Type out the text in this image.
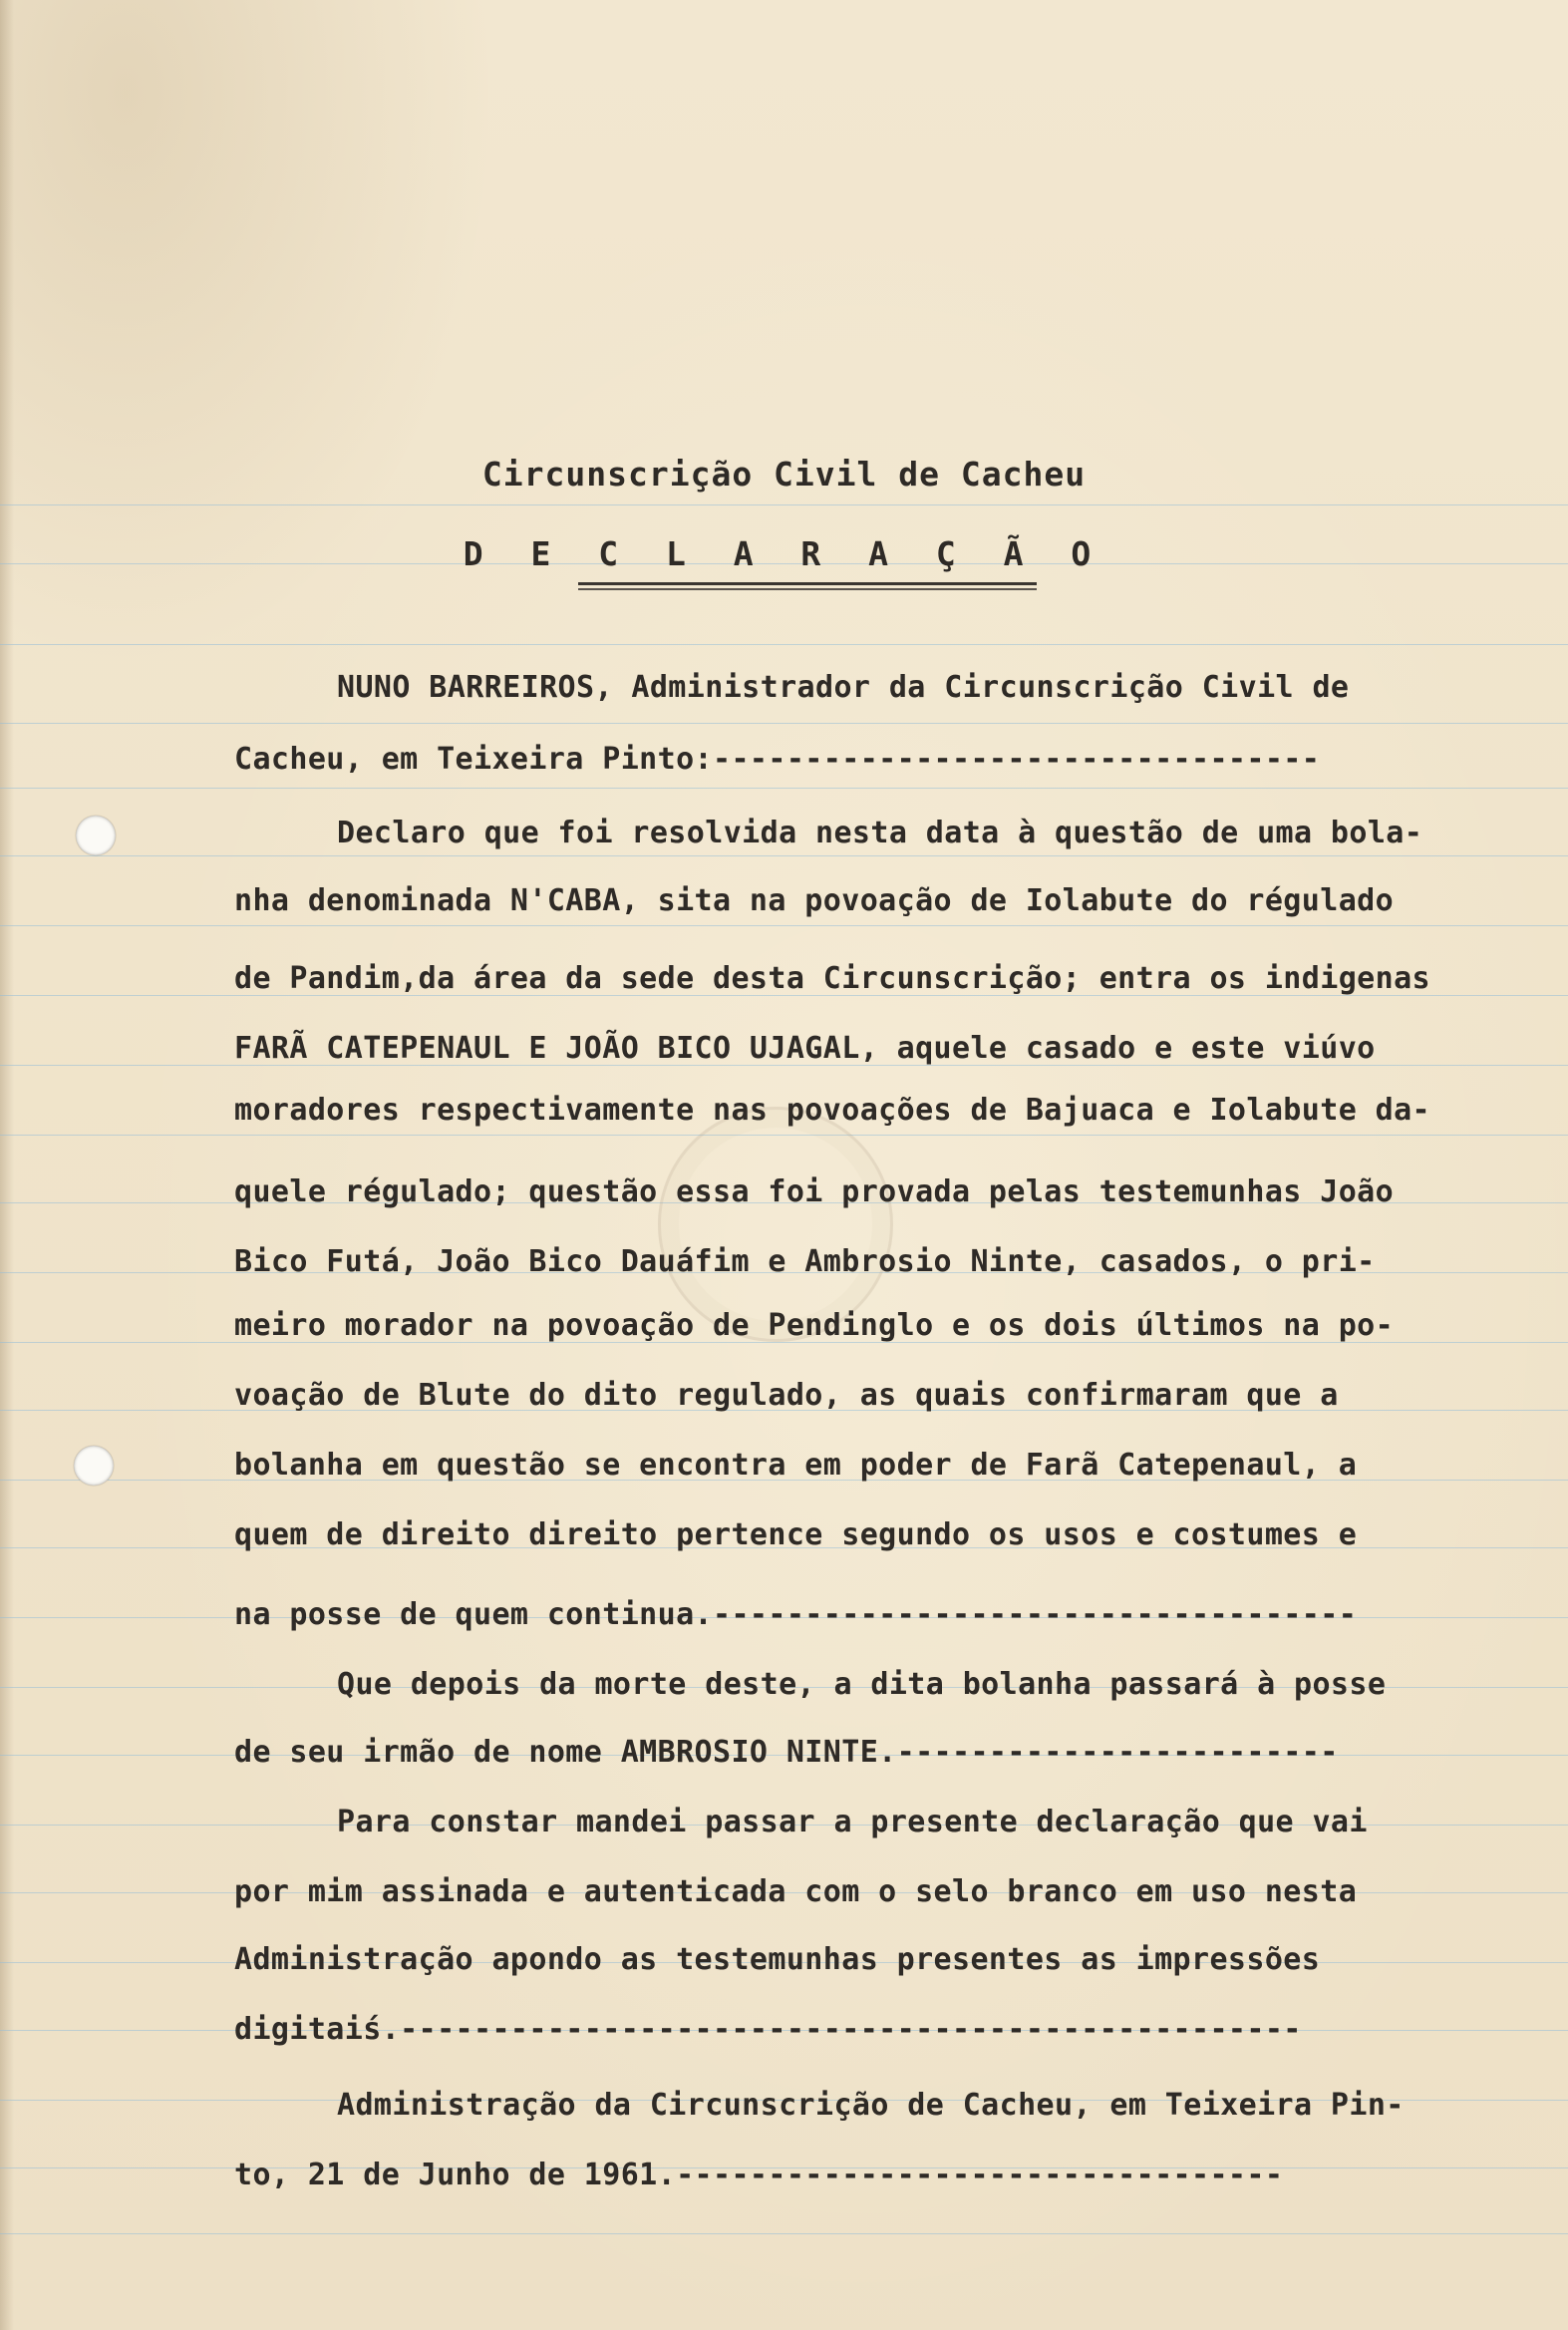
Circunscrição Civil de Cacheu
D E C L A R A Ç Ã O
NUNO BARREIROS, Administrador da Circunscrição Civil de
Cacheu, em Teixeira Pinto:---------------------------------
Declaro que foi resolvida nesta data à questão de uma bola-
nha denominada N'CABA, sita na povoação de Iolabute do régulado
de Pandim,da área da sede desta Circunscrição; entra os indigenas
FARÃ CATEPENAUL E JOÃO BICO UJAGAL, aquele casado e este viúvo
moradores respectivamente nas povoações de Bajuaca e Iolabute da-
quele régulado; questão essa foi provada pelas testemunhas João
Bico Futá, João Bico Dauáfim e Ambrosio Ninte, casados, o pri-
meiro morador na povoação de Pendinglo e os dois últimos na po-
voação de Blute do dito regulado, as quais confirmaram que a
bolanha em questão se encontra em poder de Farã Catepenaul, a
quem de direito direito pertence segundo os usos e costumes e
na posse de quem continua.-----------------------------------
Que depois da morte deste, a dita bolanha passará à posse
de seu irmão de nome AMBROSIO NINTE.------------------------
Para constar mandei passar a presente declaração que vai
por mim assinada e autenticada com o selo branco em uso nesta
Administração apondo as testemunhas presentes as impressões
digitaiś.-------------------------------------------------
Administração da Circunscrição de Cacheu, em Teixeira Pin-
to, 21 de Junho de 1961.---------------------------------
